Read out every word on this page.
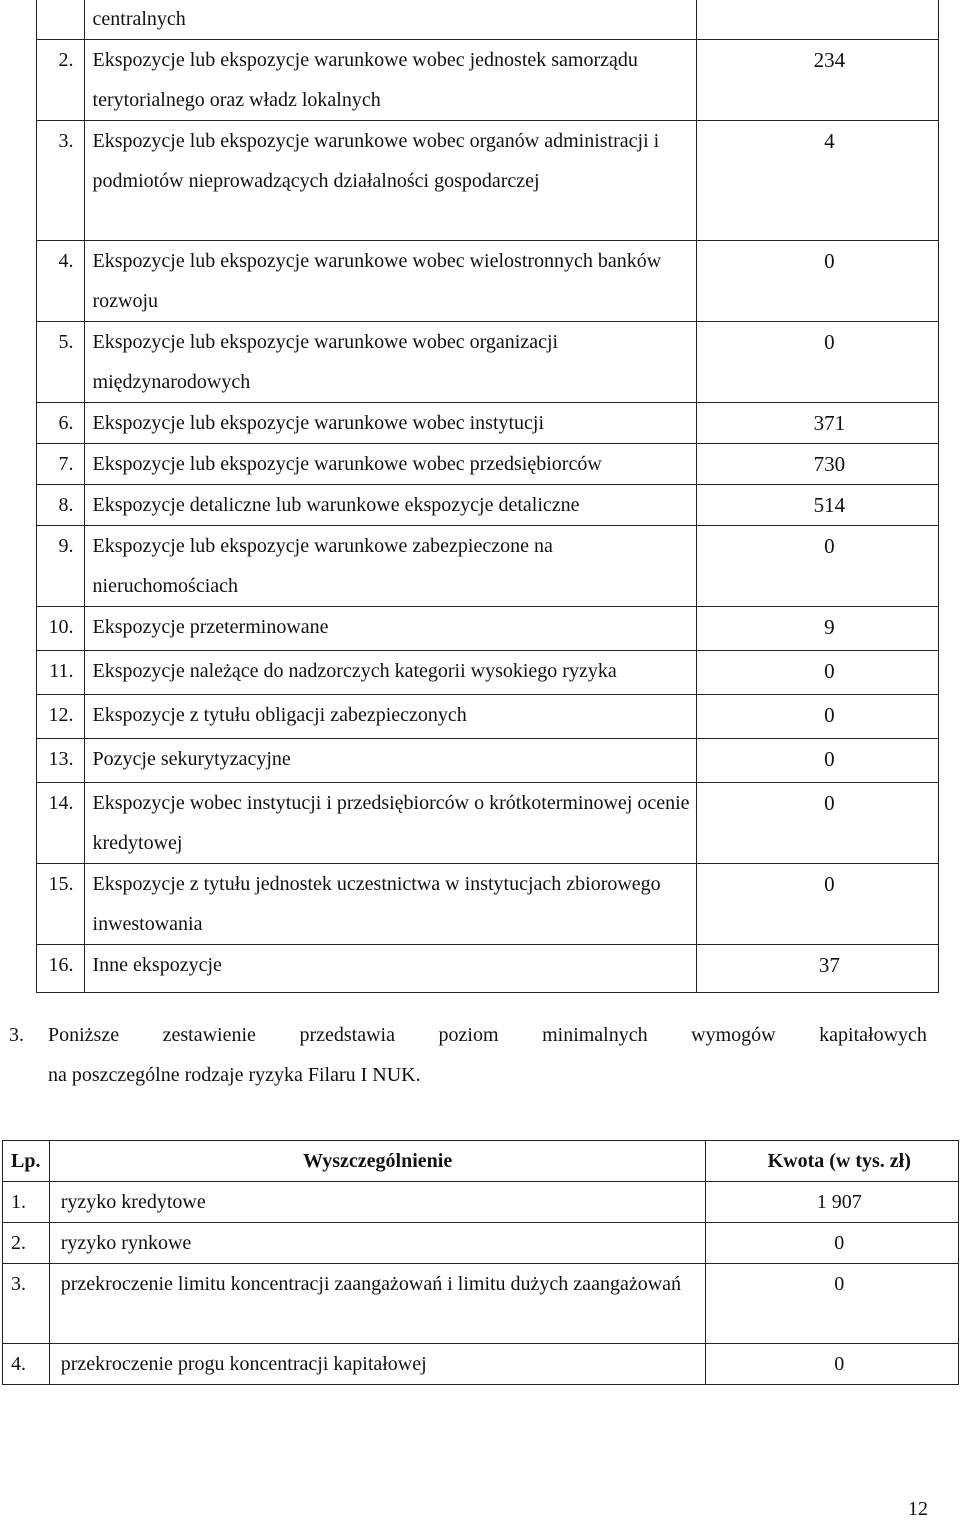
	centralnych	

2.	Ekspozycje lub ekspozycje warunkowe wobec jednostek samorządu terytorialnego oraz władz lokalnych	234

3.	Ekspozycje lub ekspozycje warunkowe wobec organów administracji i podmiotów nieprowadzących działalności gospodarczej	4

4.	Ekspozycje lub ekspozycje warunkowe wobec wielostronnych banków rozwoju	0

5.	Ekspozycje lub ekspozycje warunkowe wobec organizacji międzynarodowych	0

6.	Ekspozycje lub ekspozycje warunkowe wobec instytucji	371

7.	Ekspozycje lub ekspozycje warunkowe wobec przedsiębiorców	730

8.	Ekspozycje detaliczne lub warunkowe ekspozycje detaliczne	514

9.	Ekspozycje lub ekspozycje warunkowe zabezpieczone na nieruchomościach	0

10.	Ekspozycje przeterminowane	9

11.	Ekspozycje należące do nadzorczych kategorii wysokiego ryzyka	0

12.	Ekspozycje z tytułu obligacji zabezpieczonych	0

13.	Pozycje sekurytyzacyjne	0

14.	Ekspozycje wobec instytucji i przedsiębiorców o krótkoterminowej ocenie kredytowej	0

15.	Ekspozycje z tytułu jednostek uczestnictwa w instytucjach zbiorowego inwestowania	0

16.	Inne ekspozycje	37
3. Poniższe zestawienie przedstawia poziom minimalnych wymogów kapitałowych
na poszczególne rodzaje ryzyka Filaru I NUK.
Lp.	Wyszczególnienie	Kwota (w tys. zł)
1.	ryzyko kredytowe	1 907
2.	ryzyko rynkowe	0
3.	przekroczenie limitu koncentracji zaangażowań i limitu dużych zaangażowań	0
4.	przekroczenie progu koncentracji kapitałowej	0
12
